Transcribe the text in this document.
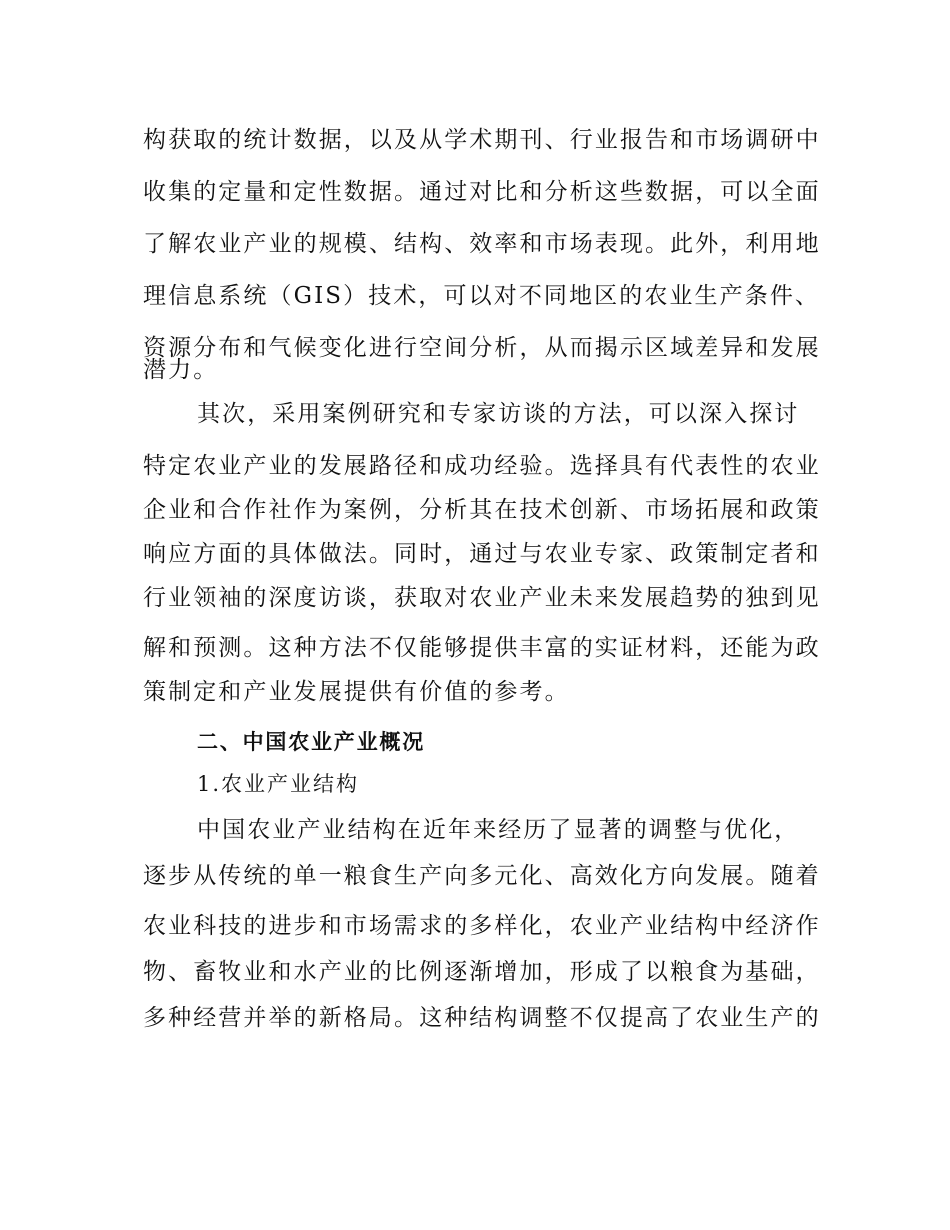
构获取的统计数据，以及从学术期刊、行业报告和市场调研中
收集的定量和定性数据。通过对比和分析这些数据，可以全面
了解农业产业的规模、结构、效率和市场表现。此外，利用地
理信息系统（GIS）技术，可以对不同地区的农业生产条件、
资源分布和气候变化进行空间分析，从而揭示区域差异和发展
潜力。
其次，采用案例研究和专家访谈的方法，可以深入探讨
特定农业产业的发展路径和成功经验。选择具有代表性的农业
企业和合作社作为案例，分析其在技术创新、市场拓展和政策
响应方面的具体做法。同时，通过与农业专家、政策制定者和
行业领袖的深度访谈，获取对农业产业未来发展趋势的独到见
解和预测。这种方法不仅能够提供丰富的实证材料，还能为政
策制定和产业发展提供有价值的参考。
二、中国农业产业概况
1.农业产业结构
中国农业产业结构在近年来经历了显著的调整与优化，
逐步从传统的单一粮食生产向多元化、高效化方向发展。随着
农业科技的进步和市场需求的多样化，农业产业结构中经济作
物、畜牧业和水产业的比例逐渐增加，形成了以粮食为基础，
多种经营并举的新格局。这种结构调整不仅提高了农业生产的
